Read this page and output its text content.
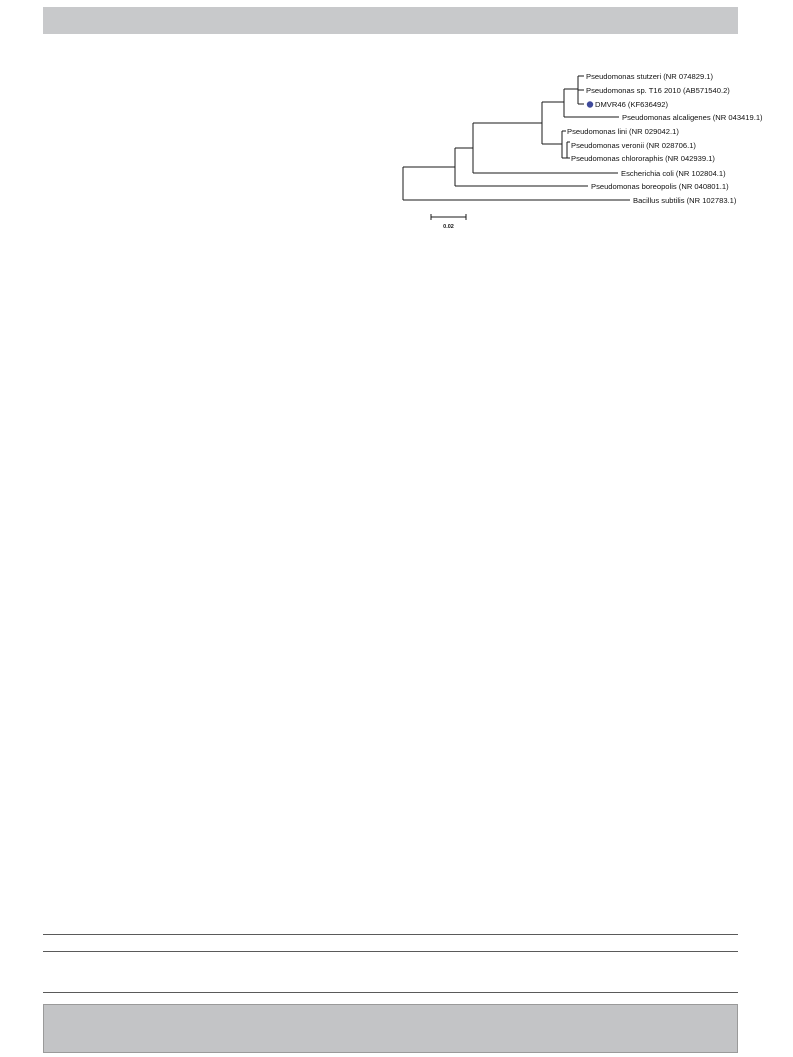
Pseudomonas stutzeri (NR 074829.1)
Pseudomonas sp. T16 2010 (AB571540.2)
DMVR46 (KF636492)
Pseudomonas alcaligenes (NR 043419.1)
Pseudomonas lini (NR 029042.1)
Pseudomonas veronii (NR 028706.1)
Pseudomonas chlororaphis (NR 042939.1)
Escherichia coli (NR 102804.1)
Pseudomonas boreopolis (NR 040801.1)
Bacillus subtilis (NR 102783.1)
0.02
